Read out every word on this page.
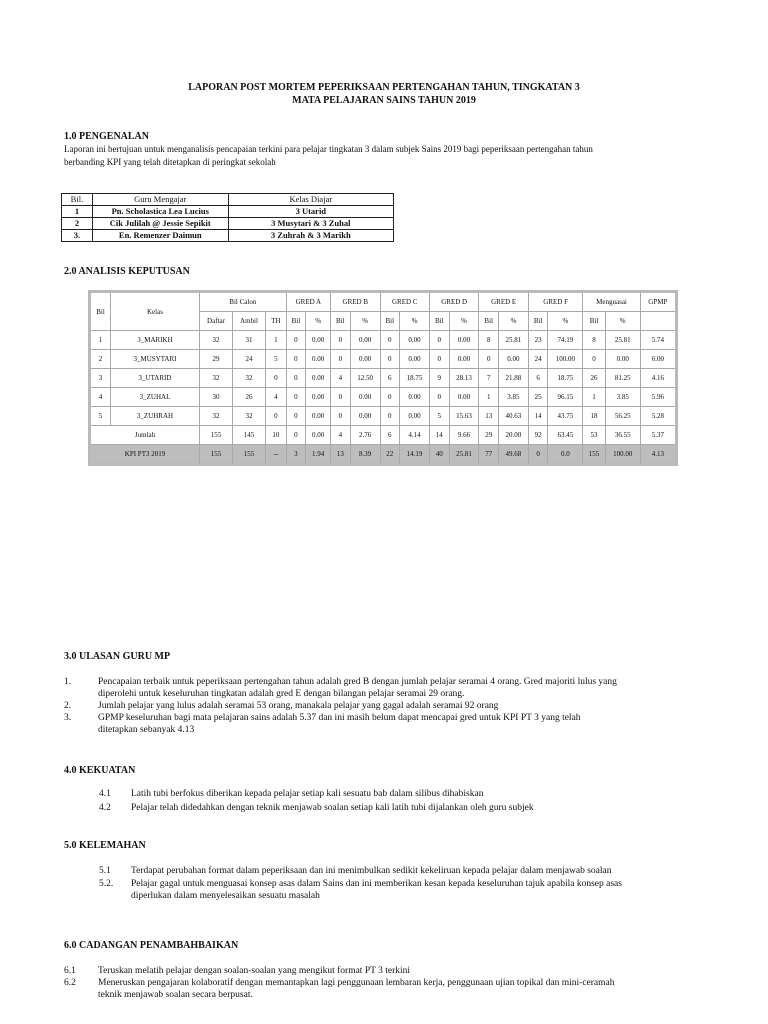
LAPORAN POST MORTEM PEPERIKSAAN PERTENGAHAN TAHUN, TINGKATAN 3
MATA PELAJARAN SAINS TAHUN 2019
1.0 PENGENALAN
Laporan ini bertujuan untuk menganalisis pencapaian terkini para pelajar tingkatan 3 dalam subjek Sains 2019 bagi peperiksaan pertengahan tahun
berbanding KPI yang telah ditetapkan di peringkat sekolah
Bil.	Guru Mengajar	Kelas Diajar
1	Pn. Scholastica Lea Lucius	3 Utarid
2	Cik Julilah @ Jessie Sepikit	3 Musytari & 3 Zuhal
3.	En. Remenzer Daimun	3 Zuhrah & 3 Marikh
2.0 ANALISIS KEPUTUSAN
Bil	Kelas	Bil Calon			GRED A		GRED B		GRED C		GRED D		GRED E		GRED F		Menguasai		GPMP
		Daftar	Ambil	TH	Bil	%	Bil	%	Bil	%	Bil	%	Bil	%	Bil	%	Bil	%	
1	3_MARIKH	32	31	1	0	0.00	0	0.00	0	0.00	0	0.00	8	25.81	23	74.19	8	25.81	5.74
2	3_MUSYTARI	29	24	5	0	0.00	0	0.00	0	0.00	0	0.00	0	0.00	24	100.00	0	0.00	6.00
3	3_UTARID	32	32	0	0	0.00	4	12.50	6	18.75	9	28.13	7	21.88	6	18.75	26	81.25	4.16
4	3_ZUHAL	30	26	4	0	0.00	0	0.00	0	0.00	0	0.00	1	3.85	25	96.15	1	3.85	5.96
5	3_ZUHRAH	32	32	0	0	0.00	0	0.00	0	0.00	5	15.63	13	40.63	14	43.75	18	56.25	5.28
Jumlah		155	145	10	0	0.00	4	2.76	6	4.14	14	9.66	29	20.00	92	63.45	53	36.55	5.37
KPI PT3 2019		155	155	--	3	1.94	13	8.39	22	14.19	40	25.81	77	49.68	0	0.0	155	100.00	4.13
3.0 ULASAN GURU MP
1.	Pencapaian terbaik untuk peperiksaan pertengahan tahun adalah gred B dengan jumlah pelajar seramai 4 orang. Gred majoriti lulus yang
diperolehi untuk keseluruhan tingkatan adalah gred E dengan bilangan pelajar seramai 29 orang.
2.	Jumlah pelajar yang lulus adalah seramai 53 orang, manakala pelajar yang gagal adalah seramai 92 orang
3.	GPMP keseluruhan bagi mata pelajaran sains adalah 5.37 dan ini masih belum dapat mencapai gred untuk KPI PT 3 yang telah
ditetapkan sebanyak 4.13
4.0 KEKUATAN
4.1 Latih tubi berfokus diberikan kepada pelajar setiap kali sesuatu bab dalam silibus dihabiskan
4.2 Pelajar telah didedahkan dengan teknik menjawab soalan setiap kali latih tubi dijalankan oleh guru subjek
5.0 KELEMAHAN
5.1 Terdapat perubahan format dalam peperiksaan dan ini menimbulkan sedikit kekeliruan kepada pelajar dalam menjawab soalan
5.2. Pelajar gagal untuk menguasai konsep asas dalam Sains dan ini memberikan kesan kepada keseluruhan tajuk apabila konsep asas
diperlukan dalam menyelesaikan sesuatu masalah
6.0 CADANGAN PENAMBAHBAIKAN
6.1 Teruskan melatih pelajar dengan soalan-soalan yang mengikut format PT 3 terkini
6.2 Meneruskan pengajaran kolaboratif dengan memantapkan lagi penggunaan lembaran kerja, penggunaan ujian topikal dan mini-ceramah
teknik menjawab soalan secara berpusat.
